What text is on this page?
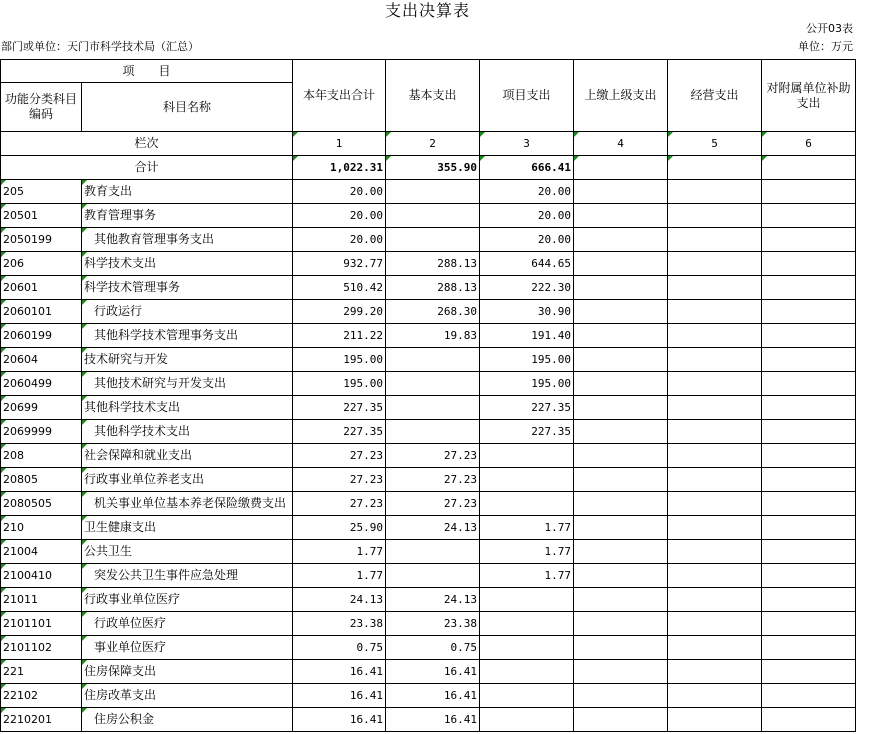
支出决算表
公开03表
部门或单位：天门市科学技术局（汇总）	单位：万元
项　　目		本年支出合计	基本支出	项目支出	上缴上级支出	经营支出	对附属单位补助支出
功能分类科目编码	科目名称						
栏次		1	2	3	4	5	6
合计		1,022.31	355.90	666.41			
205	教育支出	20.00		20.00			
20501	教育管理事务	20.00		20.00			
2050199	其他教育管理事务支出	20.00		20.00			
206	科学技术支出	932.77	288.13	644.65			
20601	科学技术管理事务	510.42	288.13	222.30			
2060101	行政运行	299.20	268.30	30.90			
2060199	其他科学技术管理事务支出	211.22	19.83	191.40			
20604	技术研究与开发	195.00		195.00			
2060499	其他技术研究与开发支出	195.00		195.00			
20699	其他科学技术支出	227.35		227.35			
2069999	其他科学技术支出	227.35		227.35			
208	社会保障和就业支出	27.23	27.23				
20805	行政事业单位养老支出	27.23	27.23				
2080505	机关事业单位基本养老保险缴费支出	27.23	27.23				
210	卫生健康支出	25.90	24.13	1.77			
21004	公共卫生	1.77		1.77			
2100410	突发公共卫生事件应急处理	1.77		1.77			
21011	行政事业单位医疗	24.13	24.13				
2101101	行政单位医疗	23.38	23.38				
2101102	事业单位医疗	0.75	0.75				
221	住房保障支出	16.41	16.41				
22102	住房改革支出	16.41	16.41				
2210201	住房公积金	16.41	16.41				
